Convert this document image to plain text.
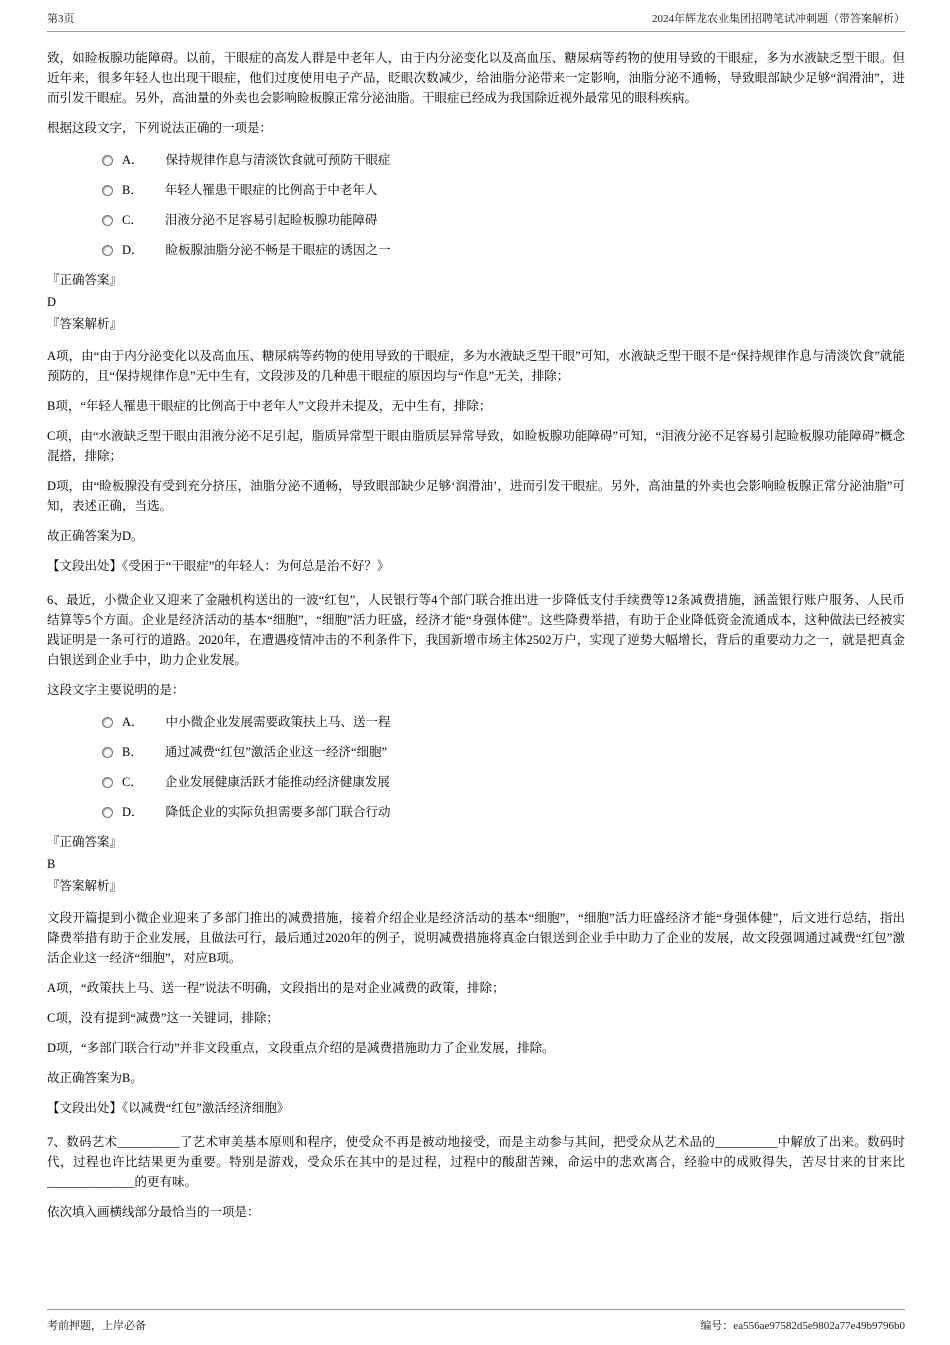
第3页	2024年辉龙农业集团招聘笔试冲刺题（带答案解析）

致，如睑板腺功能障碍。以前，干眼症的高发人群是中老年人，由于内分泌变化以及高血压、糖尿病等药物的使用导致的干眼症，多为水液缺乏型干眼。但近年来，很多年轻人也出现干眼症，他们过度使用电子产品，眨眼次数减少，给油脂分泌带来一定影响，油脂分泌不通畅，导致眼部缺少足够“润滑油”，进而引发干眼症。另外，高油量的外卖也会影响睑板腺正常分泌油脂。干眼症已经成为我国除近视外最常见的眼科疾病。

根据这段文字，下列说法正确的一项是：

A． 保持规律作息与清淡饮食就可预防干眼症
B． 年轻人罹患干眼症的比例高于中老年人
C． 泪液分泌不足容易引起睑板腺功能障碍
D． 睑板腺油脂分泌不畅是干眼症的诱因之一

『正确答案』

D

『答案解析』

A项，由“由于内分泌变化以及高血压、糖尿病等药物的使用导致的干眼症，多为水液缺乏型干眼”可知，水液缺乏型干眼不是“保持规律作息与清淡饮食”就能预防的，且“保持规律作息”无中生有，文段涉及的几种患干眼症的原因均与“作息”无关，排除；

B项，“年轻人罹患干眼症的比例高于中老年人”文段并未提及，无中生有，排除；

C项，由“水液缺乏型干眼由泪液分泌不足引起，脂质异常型干眼由脂质层异常导致，如睑板腺功能障碍”可知，“泪液分泌不足容易引起睑板腺功能障碍”概念混搭，排除；

D项，由“睑板腺没有受到充分挤压，油脂分泌不通畅，导致眼部缺少足够‘润滑油’，进而引发干眼症。另外，高油量的外卖也会影响睑板腺正常分泌油脂”可知，表述正确，当选。

故正确答案为D。

【文段出处】《受困于“干眼症”的年轻人：为何总是治不好？》

6、最近，小微企业又迎来了金融机构送出的一波“红包”，人民银行等4个部门联合推出进一步降低支付手续费等12条减费措施，涵盖银行账户服务、人民币结算等5个方面。企业是经济活动的基本“细胞”，“细胞”活力旺盛，经济才能“身强体健”。这些降费举措，有助于企业降低资金流通成本，这种做法已经被实践证明是一条可行的道路。2020年，在遭遇疫情冲击的不利条件下，我国新增市场主体2502万户，实现了逆势大幅增长，背后的重要动力之一，就是把真金白银送到企业手中，助力企业发展。

这段文字主要说明的是：

A． 中小微企业发展需要政策扶上马、送一程
B． 通过减费“红包”激活企业这一经济“细胞”
C． 企业发展健康活跃才能推动经济健康发展
D． 降低企业的实际负担需要多部门联合行动

『正确答案』

B

『答案解析』

文段开篇提到小微企业迎来了多部门推出的减费措施，接着介绍企业是经济活动的基本“细胞”，“细胞”活力旺盛经济才能“身强体健”，后文进行总结，指出降费举措有助于企业发展，且做法可行，最后通过2020年的例子，说明减费措施将真金白银送到企业手中助力了企业的发展，故文段强调通过减费“红包”激活企业这一经济“细胞”，对应B项。

A项，“政策扶上马、送一程”说法不明确，文段指出的是对企业减费的政策，排除；

C项，没有提到“减费”这一关键词，排除；

D项，“多部门联合行动”并非文段重点，文段重点介绍的是减费措施助力了企业发展，排除。

故正确答案为B。

【文段出处】《以减费“红包”激活经济细胞》

7、数码艺术__________了艺术审美基本原则和程序，使受众不再是被动地接受，而是主动参与其间，把受众从艺术品的__________中解放了出来。数码时代，过程也许比结果更为重要。特别是游戏，受众乐在其中的是过程，过程中的酸甜苦辣，命运中的悲欢离合，经验中的成败得失，苦尽甘来的甘来比______________的更有味。

依次填入画横线部分最恰当的一项是：

考前押题，上岸必备	编号：ea556ae97582d5e9802a77e49b9796b0
